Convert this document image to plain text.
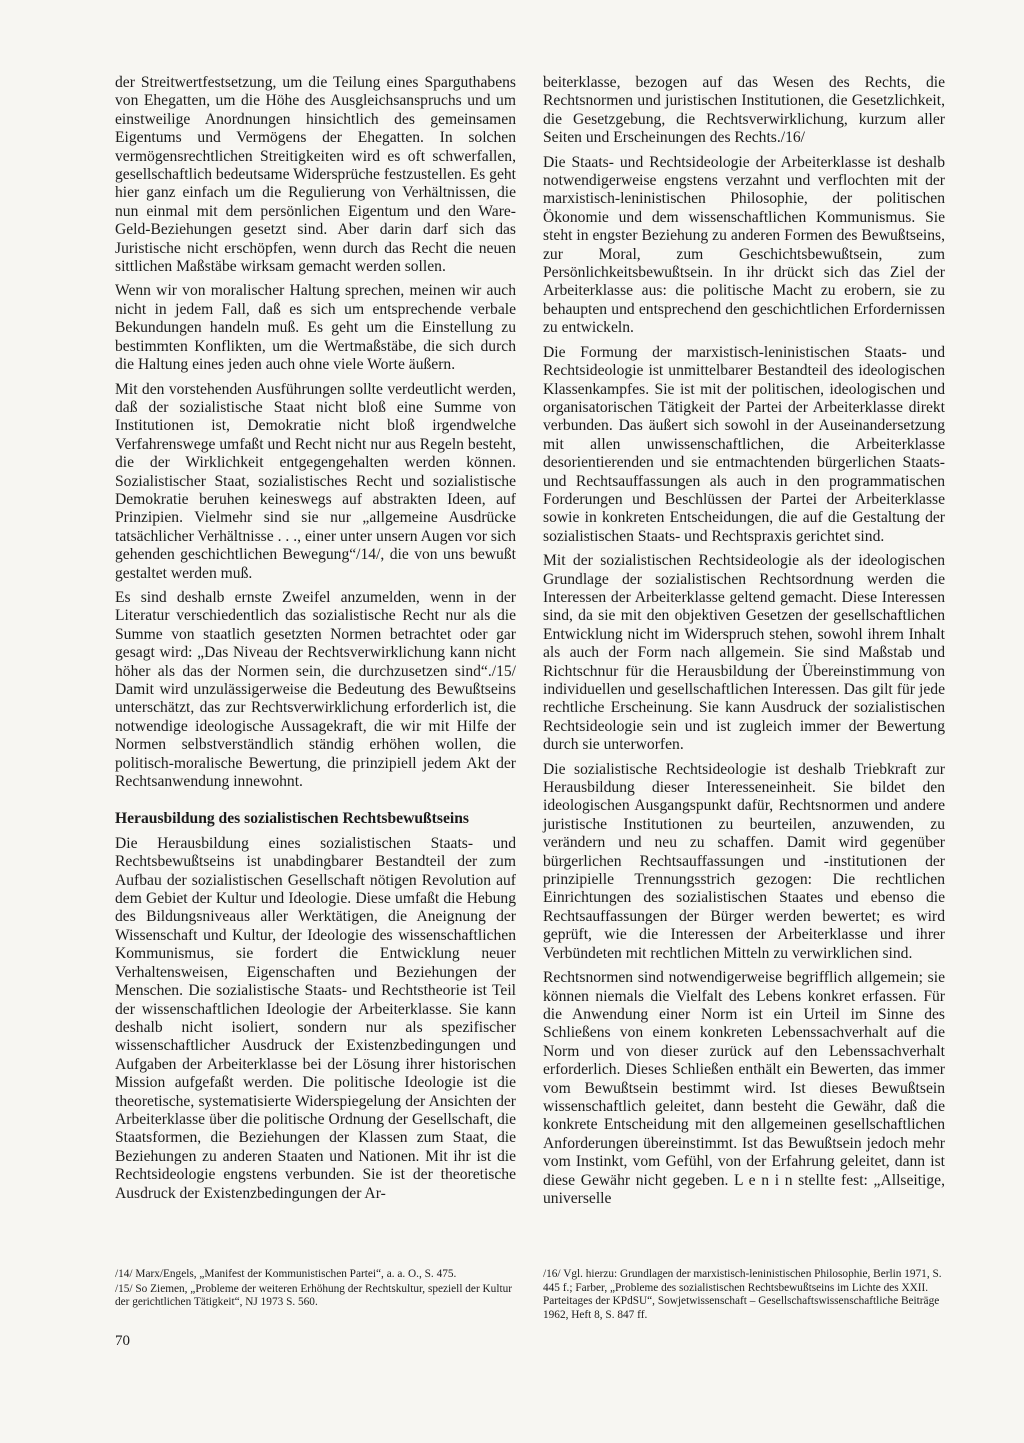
der Streitwertfestsetzung, um die Teilung eines Sparguthabens von Ehegatten, um die Höhe des Ausgleichsanspruchs und um einstweilige Anordnungen hinsichtlich des gemeinsamen Eigentums und Vermögens der Ehegatten. In solchen vermögensrechtlichen Streitigkeiten wird es oft schwerfallen, gesellschaftlich bedeutsame Widersprüche festzustellen. Es geht hier ganz einfach um die Regulierung von Verhältnissen, die nun einmal mit dem persönlichen Eigentum und den Ware-Geld-Beziehungen gesetzt sind. Aber darin darf sich das Juristische nicht erschöpfen, wenn durch das Recht die neuen sittlichen Maßstäbe wirksam gemacht werden sollen.

Wenn wir von moralischer Haltung sprechen, meinen wir auch nicht in jedem Fall, daß es sich um entsprechende verbale Bekundungen handeln muß. Es geht um die Einstellung zu bestimmten Konflikten, um die Wertmaßstäbe, die sich durch die Haltung eines jeden auch ohne viele Worte äußern.

Mit den vorstehenden Ausführungen sollte verdeutlicht werden, daß der sozialistische Staat nicht bloß eine Summe von Institutionen ist, Demokratie nicht bloß irgendwelche Verfahrenswege umfaßt und Recht nicht nur aus Regeln besteht, die der Wirklichkeit entgegengehalten werden können. Sozialistischer Staat, sozialistisches Recht und sozialistische Demokratie beruhen keineswegs auf abstrakten Ideen, auf Prinzipien. Vielmehr sind sie nur „allgemeine Ausdrücke tatsächlicher Verhältnisse . . ., einer unter unsern Augen vor sich gehenden geschichtlichen Bewegung“/14/, die von uns bewußt gestaltet werden muß.

Es sind deshalb ernste Zweifel anzumelden, wenn in der Literatur verschiedentlich das sozialistische Recht nur als die Summe von staatlich gesetzten Normen betrachtet oder gar gesagt wird: „Das Niveau der Rechtsverwirklichung kann nicht höher als das der Normen sein, die durchzusetzen sind“./15/ Damit wird unzulässigerweise die Bedeutung des Bewußtseins unterschätzt, das zur Rechtsverwirklichung erforderlich ist, die notwendige ideologische Aussagekraft, die wir mit Hilfe der Normen selbstverständlich ständig erhöhen wollen, die politisch-moralische Bewertung, die prinzipiell jedem Akt der Rechtsanwendung innewohnt.

Herausbildung des sozialistischen Rechtsbewußtseins

Die Herausbildung eines sozialistischen Staats- und Rechtsbewußtseins ist unabdingbarer Bestandteil der zum Aufbau der sozialistischen Gesellschaft nötigen Revolution auf dem Gebiet der Kultur und Ideologie. Diese umfaßt die Hebung des Bildungsniveaus aller Werktätigen, die Aneignung der Wissenschaft und Kultur, der Ideologie des wissenschaftlichen Kommunismus, sie fordert die Entwicklung neuer Verhaltensweisen, Eigenschaften und Beziehungen der Menschen. Die sozialistische Staats- und Rechtstheorie ist Teil der wissenschaftlichen Ideologie der Arbeiterklasse. Sie kann deshalb nicht isoliert, sondern nur als spezifischer wissenschaftlicher Ausdruck der Existenzbedingungen und Aufgaben der Arbeiterklasse bei der Lösung ihrer historischen Mission aufgefaßt werden. Die politische Ideologie ist die theoretische, systematisierte Widerspiegelung der Ansichten der Arbeiterklasse über die politische Ordnung der Gesellschaft, die Staatsformen, die Beziehungen der Klassen zum Staat, die Beziehungen zu anderen Staaten und Nationen. Mit ihr ist die Rechtsideologie engstens verbunden. Sie ist der theoretische Ausdruck der Existenzbedingungen der Ar-

beiterklasse, bezogen auf das Wesen des Rechts, die Rechtsnormen und juristischen Institutionen, die Gesetzlichkeit, die Gesetzgebung, die Rechtsverwirklichung, kurzum aller Seiten und Erscheinungen des Rechts./16/

Die Staats- und Rechtsideologie der Arbeiterklasse ist deshalb notwendigerweise engstens verzahnt und verflochten mit der marxistisch-leninistischen Philosophie, der politischen Ökonomie und dem wissenschaftlichen Kommunismus. Sie steht in engster Beziehung zu anderen Formen des Bewußtseins, zur Moral, zum Geschichtsbewußtsein, zum Persönlichkeitsbewußtsein. In ihr drückt sich das Ziel der Arbeiterklasse aus: die politische Macht zu erobern, sie zu behaupten und entsprechend den geschichtlichen Erfordernissen zu entwickeln.

Die Formung der marxistisch-leninistischen Staats- und Rechtsideologie ist unmittelbarer Bestandteil des ideologischen Klassenkampfes. Sie ist mit der politischen, ideologischen und organisatorischen Tätigkeit der Partei der Arbeiterklasse direkt verbunden. Das äußert sich sowohl in der Auseinandersetzung mit allen unwissenschaftlichen, die Arbeiterklasse desorientierenden und sie entmachtenden bürgerlichen Staats- und Rechtsauffassungen als auch in den programmatischen Forderungen und Beschlüssen der Partei der Arbeiterklasse sowie in konkreten Entscheidungen, die auf die Gestaltung der sozialistischen Staats- und Rechtspraxis gerichtet sind.

Mit der sozialistischen Rechtsideologie als der ideologischen Grundlage der sozialistischen Rechtsordnung werden die Interessen der Arbeiterklasse geltend gemacht. Diese Interessen sind, da sie mit den objektiven Gesetzen der gesellschaftlichen Entwicklung nicht im Widerspruch stehen, sowohl ihrem Inhalt als auch der Form nach allgemein. Sie sind Maßstab und Richtschnur für die Herausbildung der Übereinstimmung von individuellen und gesellschaftlichen Interessen. Das gilt für jede rechtliche Erscheinung. Sie kann Ausdruck der sozialistischen Rechtsideologie sein und ist zugleich immer der Bewertung durch sie unterworfen.

Die sozialistische Rechtsideologie ist deshalb Triebkraft zur Herausbildung dieser Interesseneinheit. Sie bildet den ideologischen Ausgangspunkt dafür, Rechtsnormen und andere juristische Institutionen zu beurteilen, anzuwenden, zu verändern und neu zu schaffen. Damit wird gegenüber bürgerlichen Rechtsauffassungen und -institutionen der prinzipielle Trennungsstrich gezogen: Die rechtlichen Einrichtungen des sozialistischen Staates und ebenso die Rechtsauffassungen der Bürger werden bewertet; es wird geprüft, wie die Interessen der Arbeiterklasse und ihrer Verbündeten mit rechtlichen Mitteln zu verwirklichen sind.

Rechtsnormen sind notwendigerweise begrifflich allgemein; sie können niemals die Vielfalt des Lebens konkret erfassen. Für die Anwendung einer Norm ist ein Urteil im Sinne des Schließens von einem konkreten Lebenssachverhalt auf die Norm und von dieser zurück auf den Lebenssachverhalt erforderlich. Dieses Schließen enthält ein Bewerten, das immer vom Bewußtsein bestimmt wird. Ist dieses Bewußtsein wissenschaftlich geleitet, dann besteht die Gewähr, daß die konkrete Entscheidung mit den allgemeinen gesellschaftlichen Anforderungen übereinstimmt. Ist das Bewußtsein jedoch mehr vom Instinkt, vom Gefühl, von der Erfahrung geleitet, dann ist diese Gewähr nicht gegeben. L e n i n stellte fest: „Allseitige, universelle

/14/ Marx/Engels, „Manifest der Kommunistischen Partei“, a. a. O., S. 475.

/15/ So Ziemen, „Probleme der weiteren Erhöhung der Rechtskultur, speziell der Kultur der gerichtlichen Tätigkeit“, NJ 1973 S. 560.

/16/ Vgl. hierzu: Grundlagen der marxistisch-leninistischen Philosophie, Berlin 1971, S. 445 f.; Farber, „Probleme des sozialistischen Rechtsbewußtseins im Lichte des XXII. Parteitages der KPdSU“, Sowjetwissenschaft – Gesellschaftswissenschaftliche Beiträge 1962, Heft 8, S. 847 ff.

70
